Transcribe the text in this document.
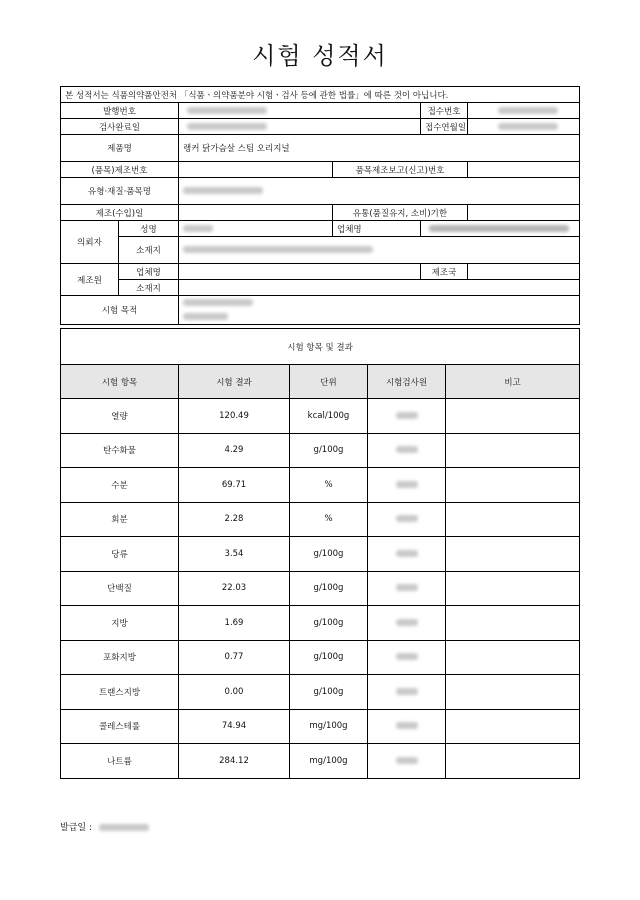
시험 성적서
본 성적서는 식품의약품안전처 「식품ㆍ의약품분야 시험ㆍ검사 등에 관한 법률」에 따른 것이 아닙니다.					
발행번호				접수번호	
검사완료일				접수연월일	
제품명		랭커 닭가슴살 스팀 오리지널			
(품목)제조번호			품목제조보고(신고)번호		
유형·재질·품목명					
제조(수입)일			유통(품질유지, 소비)기한		
의뢰자	성명		업체명		
	소재지				
제조원	업체명			제조국	
	소재지				
시험 목적					
시험 항목 및 결과				
시험 항목	시험 결과	단위	시험검사원	비고
열량	120.49	kcal/100g		
탄수화물	4.29	g/100g		
수분	69.71	%		
회분	2.28	%		
당류	3.54	g/100g		
단백질	22.03	g/100g		
지방	1.69	g/100g		
포화지방	0.77	g/100g		
트랜스지방	0.00	g/100g		
콜레스테롤	74.94	mg/100g		
나트륨	284.12	mg/100g		
발급일 :
